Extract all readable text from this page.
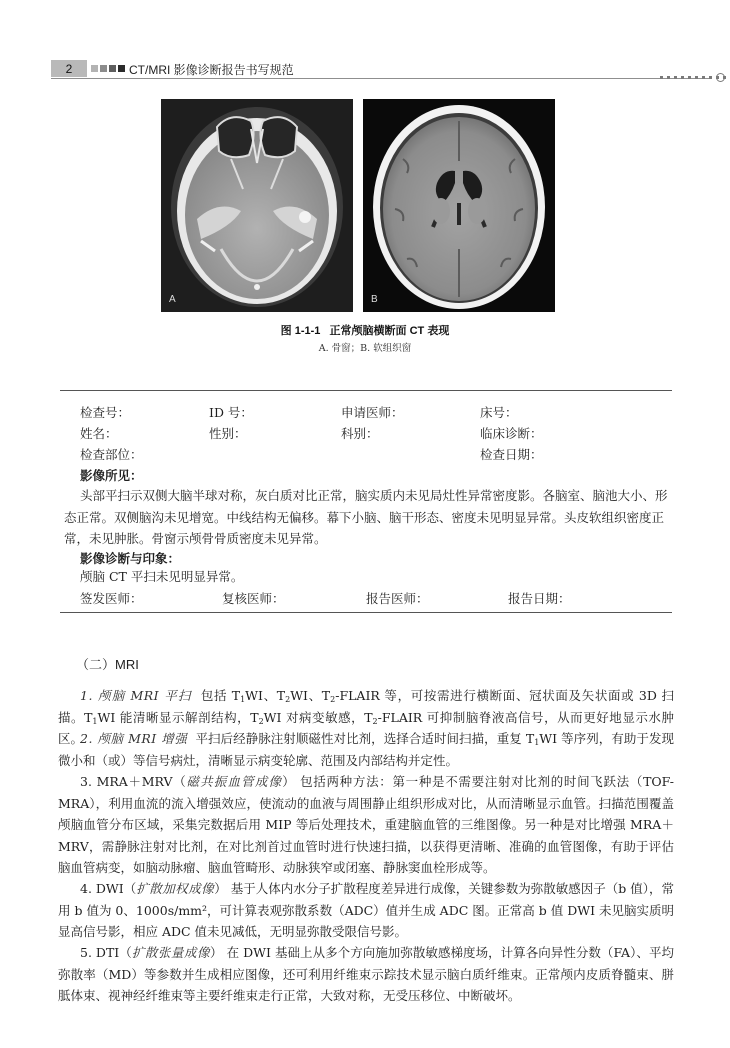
2	CT/MRI 影像诊断报告书写规范
A	B
图 1-1-1   正常颅脑横断面 CT 表现
A. 骨窗；B. 软组织窗
检查号：	ID 号：	申请医师：	床号：
姓名：	性别：	科别：	临床诊断：
检查部位：	检查日期：
影像所见：
头部平扫示双侧大脑半球对称，灰白质对比正常，脑实质内未见局灶性异常密度影。各脑室、脑池大小、形态正常。双侧脑沟未见增宽。中线结构无偏移。幕下小脑、脑干形态、密度未见明显异常。头皮软组织密度正常，未见肿胀。骨窗示颅骨骨质密度未见异常。
影像诊断与印象：
颅脑 CT 平扫未见明显异常。
签发医师：	复核医师：	报告医师：	报告日期：
（二）MRI
1. 颅脑 MRI 平扫 包括 $T_1WI$、$T_2WI$、$T_2$-FLAIR 等，可按需进行横断面、冠状面及矢状面或 3D 扫描。$T_1WI$ 能清晰显示解剖结构，$T_2WI$ 对病变敏感，$T_2$-FLAIR 可抑制脑脊液高信号，从而更好地显示水肿区。
2. 颅脑 MRI 增强 平扫后经静脉注射顺磁性对比剂，选择合适时间扫描，重复 $T_1WI$ 等序列，有助于发现微小和（或）等信号病灶，清晰显示病变轮廓、范围及内部结构并定性。
3. MRA＋MRV（磁共振血管成像） 包括两种方法：第一种是不需要注射对比剂的时间飞跃法（TOF-MRA），利用血流的流入增强效应，使流动的血液与周围静止组织形成对比，从而清晰显示血管。扫描范围覆盖颅脑血管分布区域，采集完数据后用 MIP 等后处理技术，重建脑血管的三维图像。另一种是对比增强 MRA＋MRV，需静脉注射对比剂，在对比剂首过血管时进行快速扫描，以获得更清晰、准确的血管图像，有助于评估脑血管病变，如脑动脉瘤、脑血管畸形、动脉狭窄或闭塞、静脉窦血栓形成等。
4. DWI（扩散加权成像） 基于人体内水分子扩散程度差异进行成像，关键参数为弥散敏感因子（b 值），常用 b 值为 0、1000s/mm²，可计算表观弥散系数（ADC）值并生成 ADC 图。正常高 b 值 DWI 未见脑实质明显高信号影，相应 ADC 值未见减低，无明显弥散受限信号影。
5. DTI（扩散张量成像） 在 DWI 基础上从多个方向施加弥散敏感梯度场，计算各向异性分数（FA）、平均弥散率（MD）等参数并生成相应图像，还可利用纤维束示踪技术显示脑白质纤维束。正常颅内皮质脊髓束、胼胝体束、视神经纤维束等主要纤维束走行正常，大致对称，无受压移位、中断破坏。
